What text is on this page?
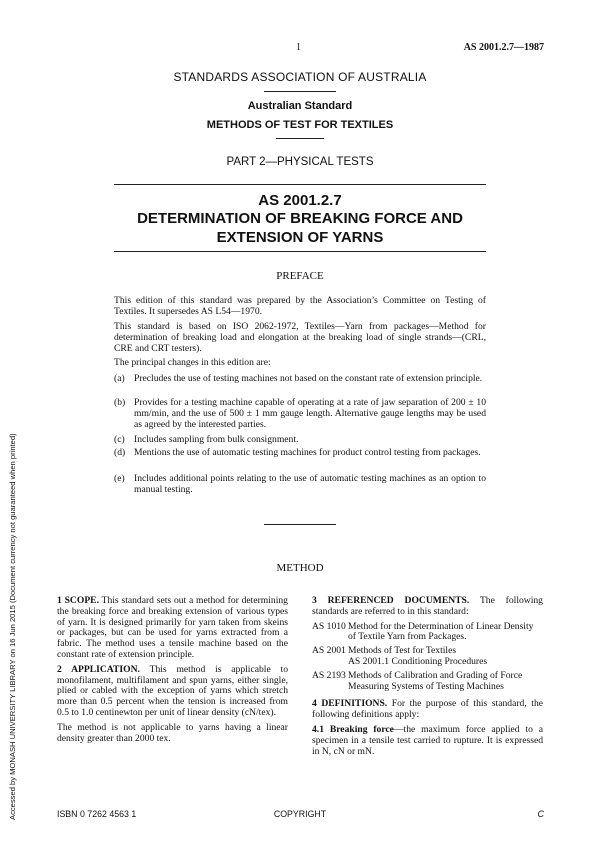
1	AS 2001.2.7—1987
STANDARDS ASSOCIATION OF AUSTRALIA
Australian Standard
METHODS OF TEST FOR TEXTILES
PART 2—PHYSICAL TESTS
AS 2001.2.7
DETERMINATION OF BREAKING FORCE AND
EXTENSION OF YARNS
PREFACE
This edition of this standard was prepared by the Association’s Committee on Testing of Textiles. It supersedes AS L54—1970.
This standard is based on ISO 2062-1972, Textiles—Yarn from packages—Method for determination of breaking load and elongation at the breaking load of single strands—(CRL, CRE and CRT testers).
The principal changes in this edition are:
(a) Precludes the use of testing machines not based on the constant rate of extension principle.
(b) Provides for a testing machine capable of operating at a rate of jaw separation of 200 ± 10 mm/min, and the use of 500 ± 1 mm gauge length. Alternative gauge lengths may be used as agreed by the interested parties.
(c) Includes sampling from bulk consignment.
(d) Mentions the use of automatic testing machines for product control testing from packages.
(e) Includes additional points relating to the use of automatic testing machines as an option to manual testing.
METHOD

1 SCOPE. This standard sets out a method for determining the breaking force and breaking extension of various types of yarn. It is designed primarily for yarn taken from skeins or packages, but can be used for yarns extracted from a fabric. The method uses a tensile machine based on the constant rate of extension principle.

2 APPLICATION. This method is applicable to monofilament, multifilament and spun yarns, either single, plied or cabled with the exception of yarns which stretch more than 0.5 percent when the tension is increased from 0.5 to 1.0 centinewton per unit of linear density (cN/tex).

The method is not applicable to yarns having a linear density greater than 2000 tex.

3 REFERENCED DOCUMENTS. The following standards are referred to in this standard:

AS 1010 Method for the Determination of Linear Density of Textile Yarn from Packages.
AS 2001 Methods of Test for Textiles
AS 2001.1 Conditioning Procedures
AS 2193 Methods of Calibration and Grading of Force Measuring Systems of Testing Machines

4 DEFINITIONS. For the purpose of this standard, the following definitions apply:

4.1 Breaking force—the maximum force applied to a specimen in a tensile test carried to rupture. It is expressed in N, cN or mN.

ISBN 0 7262 4563 1	COPYRIGHT	C
Accessed by MONASH UNIVERSITY LIBRARY on 16 Jun 2015 (Document currency not guaranteed when printed)
